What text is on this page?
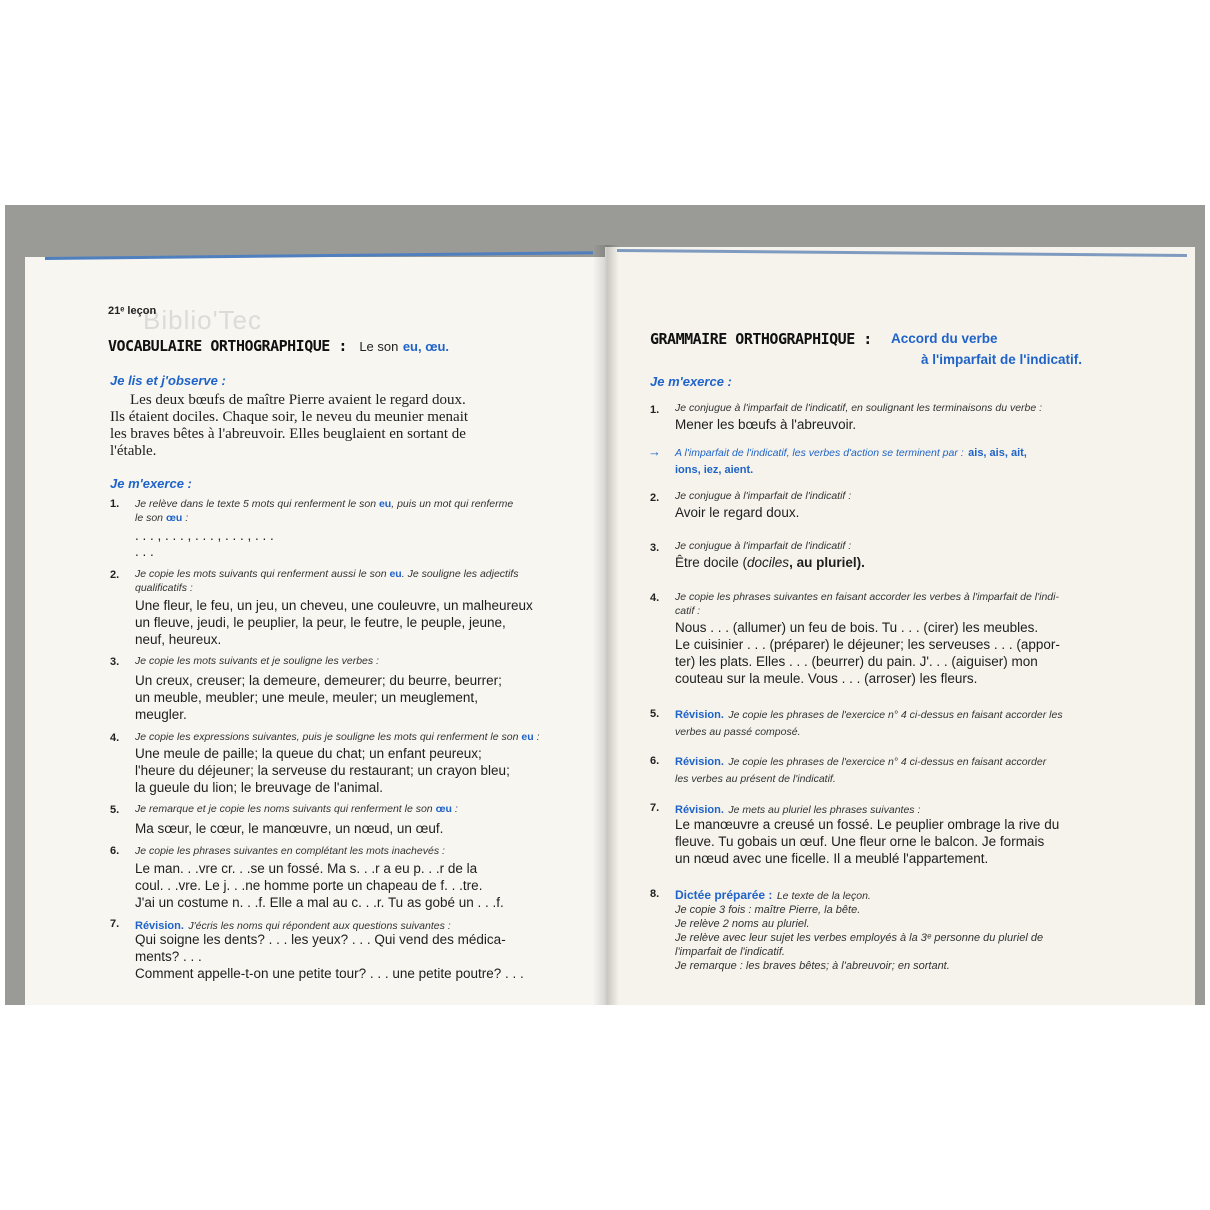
Biblio'Tec
21ᵉ leçon
VOCABULAIRE ORTHOGRAPHIQUE : Le son eu, œu.
Je lis et j'observe :
Les deux bœufs de maître Pierre avaient le regard doux.
Ils étaient dociles. Chaque soir, le neveu du meunier menait
les braves bêtes à l'abreuvoir. Elles beuglaient en sortant de
l'étable.
Je m'exerce :
1. Je relève dans le texte 5 mots qui renferment le son eu, puis un mot qui renferme
le son œu :
. . . , . . . , . . . , . . . , . . .
. . .
2. Je copie les mots suivants qui renferment aussi le son eu. Je souligne les adjectifs
qualificatifs :
Une fleur, le feu, un jeu, un cheveu, une couleuvre, un malheureux
un fleuve, jeudi, le peuplier, la peur, le feutre, le peuple, jeune,
neuf, heureux.
3. Je copie les mots suivants et je souligne les verbes :
Un creux, creuser; la demeure, demeurer; du beurre, beurrer;
un meuble, meubler; une meule, meuler; un meuglement,
meugler.
4. Je copie les expressions suivantes, puis je souligne les mots qui renferment le son eu :
Une meule de paille; la queue du chat; un enfant peureux;
l'heure du déjeuner; la serveuse du restaurant; un crayon bleu;
la gueule du lion; le breuvage de l'animal.
5. Je remarque et je copie les noms suivants qui renferment le son œu :
Ma sœur, le cœur, le manœuvre, un nœud, un œuf.
6. Je copie les phrases suivantes en complétant les mots inachevés :
Le man. . .vre cr. . .se un fossé. Ma s. . .r a eu p. . .r de la
coul. . .vre. Le j. . .ne homme porte un chapeau de f. . .tre.
J'ai un costume n. . .f. Elle a mal au c. . .r. Tu as gobé un . . .f.
7. Révision. J'écris les noms qui répondent aux questions suivantes :
Qui soigne les dents? . . . les yeux? . . . Qui vend des médica-
ments? . . .
Comment appelle-t-on une petite tour? . . . une petite poutre? . . .
GRAMMAIRE ORTHOGRAPHIQUE : Accord du verbe
à l'imparfait de l'indicatif.
Je m'exerce :
1. Je conjugue à l'imparfait de l'indicatif, en soulignant les terminaisons du verbe :
Mener les bœufs à l'abreuvoir.
→ A l'imparfait de l'indicatif, les verbes d'action se terminent par : ais, ais, ait,
ions, iez, aient.
2. Je conjugue à l'imparfait de l'indicatif :
Avoir le regard doux.
3. Je conjugue à l'imparfait de l'indicatif :
Être docile (dociles, au pluriel).
4. Je copie les phrases suivantes en faisant accorder les verbes à l'imparfait de l'indi-
catif :
Nous . . . (allumer) un feu de bois. Tu . . . (cirer) les meubles.
Le cuisinier . . . (préparer) le déjeuner; les serveuses . . . (appor-
ter) les plats. Elles . . . (beurrer) du pain. J'. . . (aiguiser) mon
couteau sur la meule. Vous . . . (arroser) les fleurs.
5. Révision. Je copie les phrases de l'exercice n° 4 ci-dessus en faisant accorder les
verbes au passé composé.
6. Révision. Je copie les phrases de l'exercice n° 4 ci-dessus en faisant accorder
les verbes au présent de l'indicatif.
7. Révision. Je mets au pluriel les phrases suivantes :
Le manœuvre a creusé un fossé. Le peuplier ombrage la rive du
fleuve. Tu gobais un œuf. Une fleur orne le balcon. Je formais
un nœud avec une ficelle. Il a meublé l'appartement.
8. Dictée préparée : Le texte de la leçon.
Je copie 3 fois : maître Pierre, la bête.
Je relève 2 noms au pluriel.
Je relève avec leur sujet les verbes employés à la 3ᵉ personne du pluriel de
l'imparfait de l'indicatif.
Je remarque : les braves bêtes; à l'abreuvoir; en sortant.
